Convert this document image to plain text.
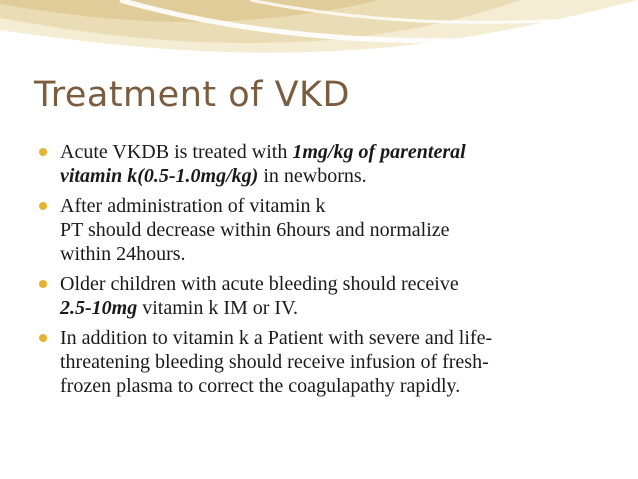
Treatment of VKD
Acute VKDB is treated with 1mg/kg of parenteral
vitamin k(0.5-1.0mg/kg) in newborns.
After administration of vitamin k
PT should decrease within 6hours and normalize
within 24hours.
Older children with acute bleeding should receive
2.5-10mg vitamin k IM or IV.
In addition to vitamin k a Patient with severe and life-
threatening bleeding should receive infusion of fresh-
frozen plasma to correct the coagulapathy rapidly.
